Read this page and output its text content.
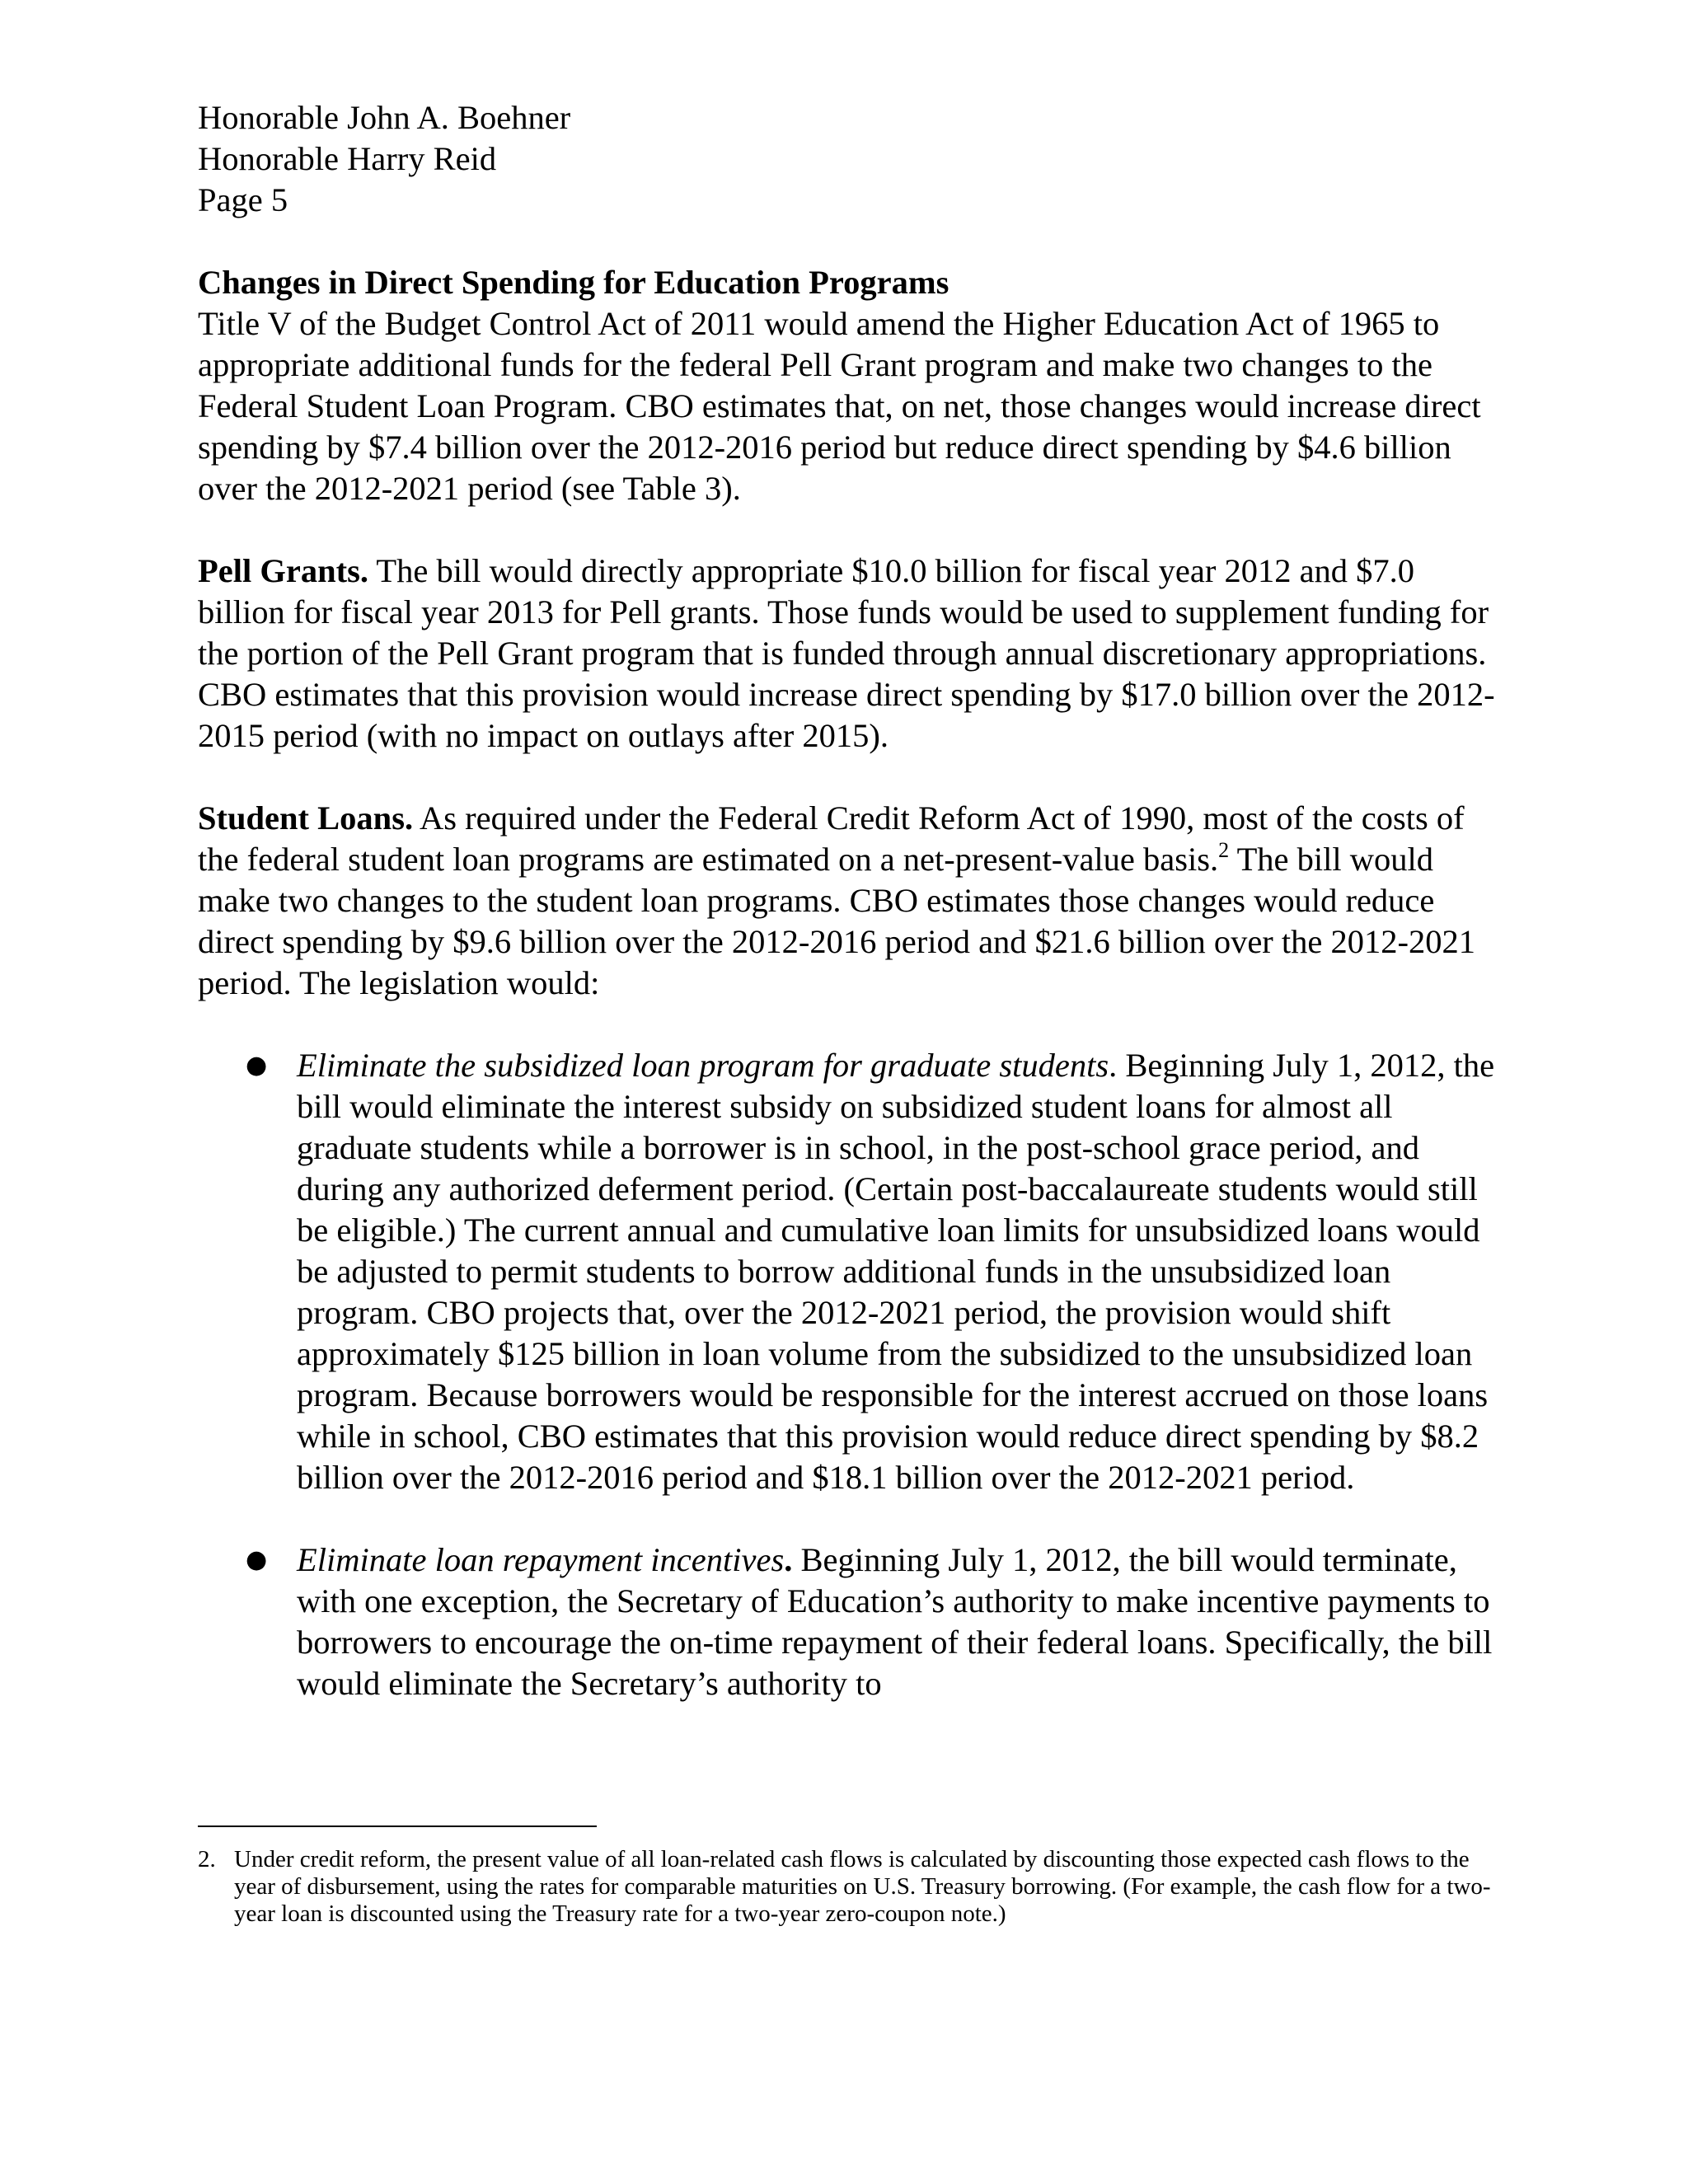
Honorable John A. Boehner
Honorable Harry Reid
Page 5
Changes in Direct Spending for Education Programs

Title V of the Budget Control Act of 2011 would amend the Higher Education Act of 1965 to appropriate additional funds for the federal Pell Grant program and make two changes to the Federal Student Loan Program. CBO estimates that, on net, those changes would increase direct spending by $7.4 billion over the 2012-2016 period but reduce direct spending by $4.6 billion over the 2012-2021 period (see Table 3).

Pell Grants. The bill would directly appropriate $10.0 billion for fiscal year 2012 and $7.0 billion for fiscal year 2013 for Pell grants. Those funds would be used to supplement funding for the portion of the Pell Grant program that is funded through annual discretionary appropriations. CBO estimates that this provision would increase direct spending by $17.0 billion over the 2012-2015 period (with no impact on outlays after 2015).

Student Loans. As required under the Federal Credit Reform Act of 1990, most of the costs of the federal student loan programs are estimated on a net-present-value basis.$^2$ The bill would make two changes to the student loan programs. CBO estimates those changes would reduce direct spending by $9.6 billion over the 2012-2016 period and $21.6 billion over the 2012-2021 period. The legislation would:

● Eliminate the subsidized loan program for graduate students. Beginning July 1, 2012, the bill would eliminate the interest subsidy on subsidized student loans for almost all graduate students while a borrower is in school, in the post-school grace period, and during any authorized deferment period. (Certain post-baccalaureate students would still be eligible.) The current annual and cumulative loan limits for unsubsidized loans would be adjusted to permit students to borrow additional funds in the unsubsidized loan program. CBO projects that, over the 2012-2021 period, the provision would shift approximately $125 billion in loan volume from the subsidized to the unsubsidized loan program. Because borrowers would be responsible for the interest accrued on those loans while in school, CBO estimates that this provision would reduce direct spending by $8.2 billion over the 2012-2016 period and $18.1 billion over the 2012-2021 period.
● Eliminate loan repayment incentives. Beginning July 1, 2012, the bill would terminate, with one exception, the Secretary of Education’s authority to make incentive payments to borrowers to encourage the on-time repayment of their federal loans. Specifically, the bill would eliminate the Secretary’s authority to
2. Under credit reform, the present value of all loan-related cash flows is calculated by discounting those expected cash flows to the year of disbursement, using the rates for comparable maturities on U.S. Treasury borrowing. (For example, the cash flow for a two-year loan is discounted using the Treasury rate for a two-year zero-coupon note.)
